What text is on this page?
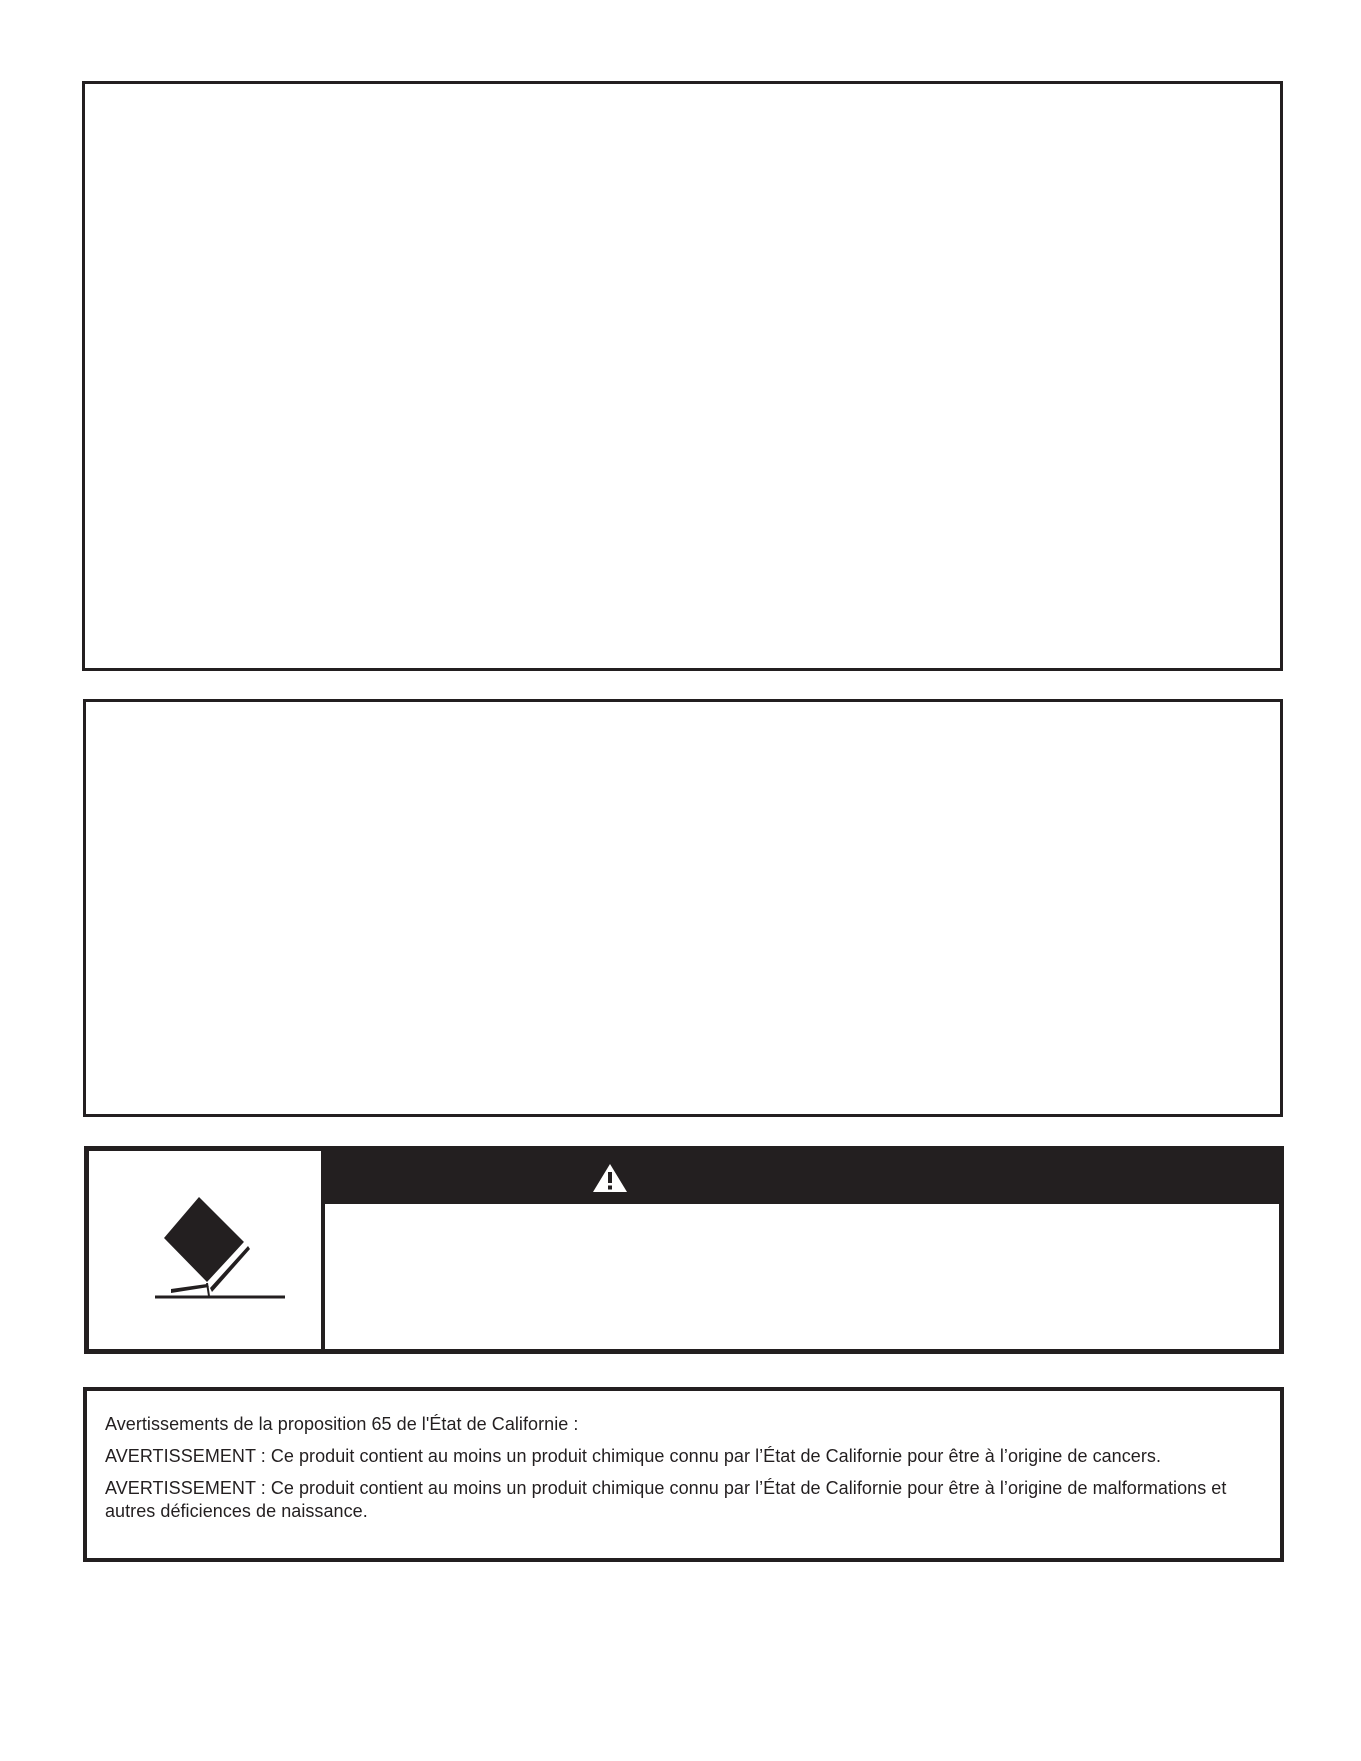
Avertissements de la proposition 65 de l'État de Californie :

AVERTISSEMENT : Ce produit contient au moins un produit chimique connu par l’État de Californie pour être à l’origine de cancers.

AVERTISSEMENT : Ce produit contient au moins un produit chimique connu par l’État de Californie pour être à l’origine de malformations et autres déficiences de naissance.
